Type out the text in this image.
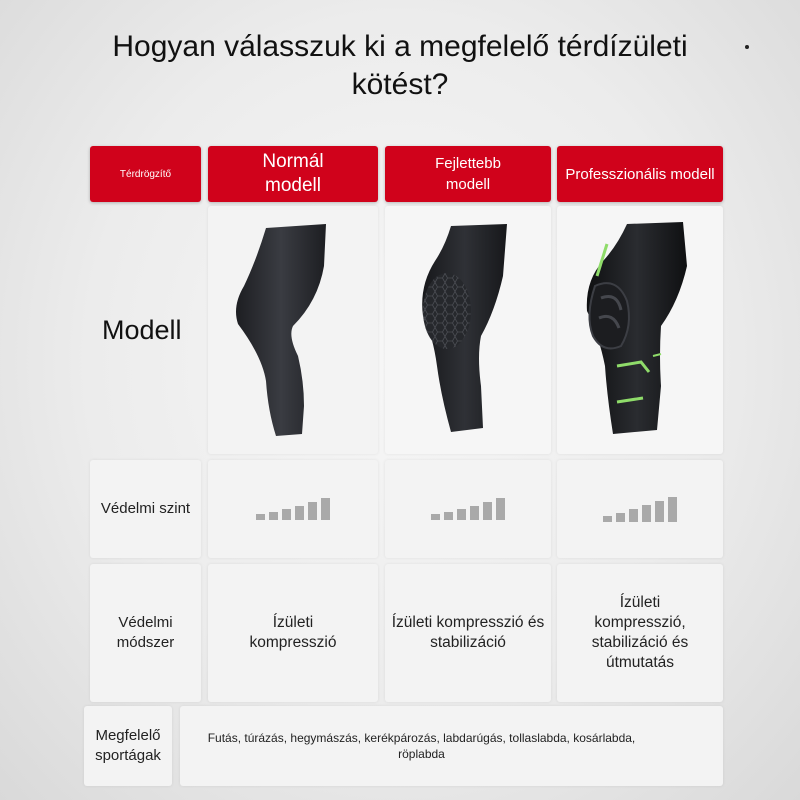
Hogyan válasszuk ki a megfelelő térdízületi kötést?
Térdrögzítő
Normál modell
Fejlettebb modell
Professzionális modell
Modell
Védelmi szint
Védelmi módszer
Ízületi kompresszió
Ízületi kompresszió és stabilizáció
Ízületi kompresszió, stabilizáció és útmutatás
Megfelelő sportágak
Futás, túrázás, hegymászás, kerékpározás, labdarúgás, tollaslabda, kosárlabda, röplabda
